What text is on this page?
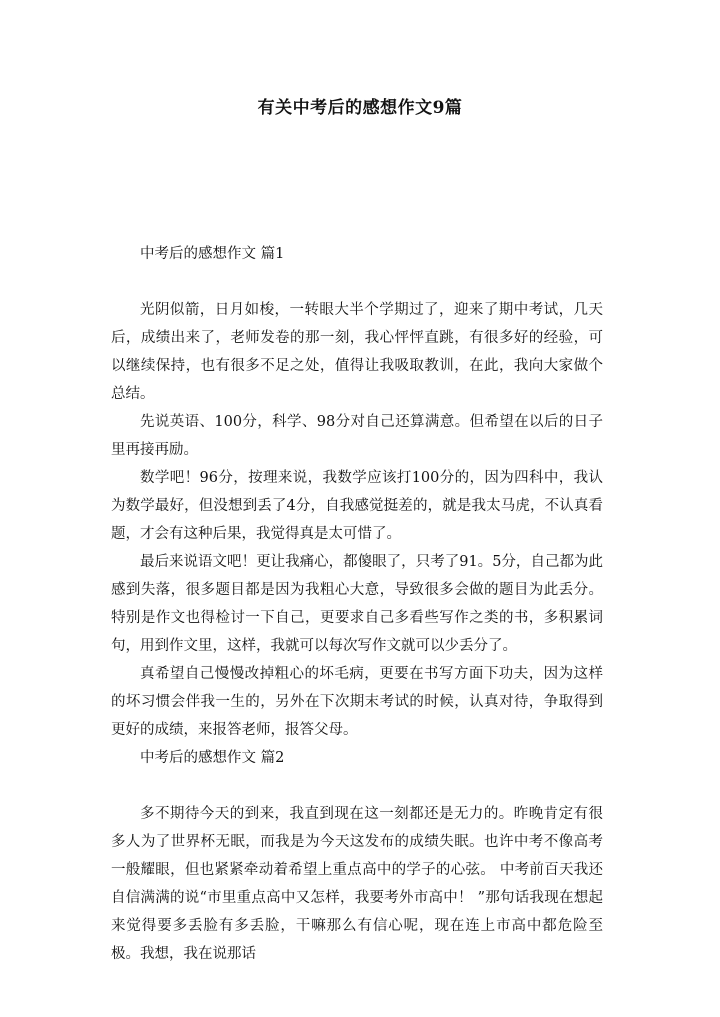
有关中考后的感想作文9篇

中考后的感想作文 篇1

光阴似箭，日月如梭，一转眼大半个学期过了，迎来了期中考试，几天后，成绩出来了，老师发卷的那一刻，我心怦怦直跳，有很多好的经验，可以继续保持，也有很多不足之处，值得让我吸取教训，在此，我向大家做个总结。

先说英语、100分，科学、98分对自己还算满意。但希望在以后的日子里再接再励。

数学吧！96分，按理来说，我数学应该打100分的，因为四科中，我认为数学最好，但没想到丢了4分，自我感觉挺差的，就是我太马虎，不认真看题，才会有这种后果，我觉得真是太可惜了。

最后来说语文吧！更让我痛心，都傻眼了，只考了91。5分，自己都为此感到失落，很多题目都是因为我粗心大意，导致很多会做的题目为此丢分。特别是作文也得检讨一下自己，更要求自己多看些写作之类的书，多积累词句，用到作文里，这样，我就可以每次写作文就可以少丢分了。

真希望自己慢慢改掉粗心的坏毛病，更要在书写方面下功夫，因为这样的坏习惯会伴我一生的，另外在下次期末考试的时候，认真对待，争取得到更好的成绩，来报答老师，报答父母。

中考后的感想作文 篇2

多不期待今天的到来，我直到现在这一刻都还是无力的。昨晚肯定有很多人为了世界杯无眠，而我是为今天这发布的成绩失眠。也许中考不像高考一般耀眼，但也紧紧牵动着希望上重点高中的学子的心弦。 中考前百天我还自信满满的说“市里重点高中又怎样，我要考外市高中！ ”那句话我现在想起来觉得要多丢脸有多丢脸，干嘛那么有信心呢，现在连上市高中都危险至极。我想，我在说那话
